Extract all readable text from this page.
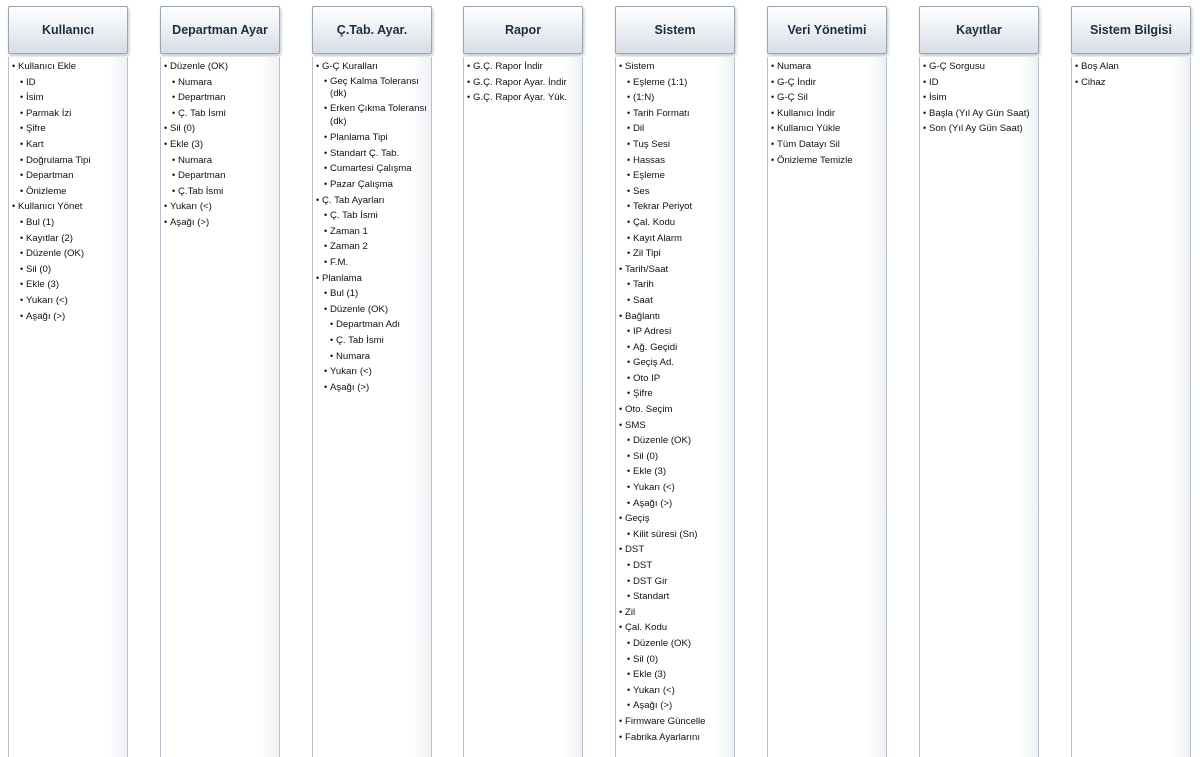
Kullanıcı
• Kullanıcı Ekle
• ID
• İsim
• Parmak İzi
• Şifre
• Kart
• Doğrulama Tipi
• Departman
• Önizleme
• Kullanıcı Yönet
• Bul (1)
• Kayıtlar (2)
• Düzenle (OK)
• Sil (0)
• Ekle (3)
• Yukarı (<)
• Aşağı (>)
Departman Ayar
• Düzenle (OK)
• Numara
• Departman
• Ç. Tab İsmi
• Sil (0)
• Ekle (3)
• Numara
• Departman
• Ç.Tab İsmi
• Yukarı (<)
• Aşağı (>)
Ç.Tab. Ayar.
• G-Ç Kuralları
• Geç Kalma Toleransı (dk)
• Erken Çıkma Toleransı (dk)
• Planlama Tipi
• Standart Ç. Tab.
• Cumartesi Çalışma
• Pazar Çalışma
• Ç. Tab Ayarları
• Ç. Tab İsmi
• Zaman 1
• Zaman 2
• F.M.
• Planlama
• Bul (1)
• Düzenle (OK)
• Departman Adı
• Ç. Tab İsmi
• Numara
• Yukarı (<)
• Aşağı (>)
Rapor
• G.Ç. Rapor İndir
• G.Ç. Rapor Ayar. İndir
• G.Ç. Rapor Ayar. Yük.
Sistem
• Sistem
• Eşleme (1:1)
• (1:N)
• Tarih Formatı
• Dil
• Tuş Sesi
• Hassas
• Eşleme
• Ses
• Tekrar Periyot
• Çal. Kodu
• Kayıt Alarm
• Zil Tipi
• Tarih/Saat
• Tarih
• Saat
• Bağlantı
• IP Adresi
• Ağ. Geçidi
• Geçiş Ad.
• Oto IP
• Şifre
• Oto. Seçim
• SMS
• Düzenle (OK)
• Sil (0)
• Ekle (3)
• Yukarı (<)
• Aşağı (>)
• Geçiş
• Kilit süresi (Sn)
• DST
• DST
• DST Gir
• Standart
• Zil
• Çal. Kodu
• Düzenle (OK)
• Sil (0)
• Ekle (3)
• Yukarı (<)
• Aşağı (>)
• Firmware Güncelle
• Fabrika Ayarlarını
Veri Yönetimi
• Numara
• G-Ç İndir
• G-Ç Sil
• Kullanıcı İndir
• Kullanıcı Yükle
• Tüm Datayı Sil
• Önizleme Temizle
Kayıtlar
• G-Ç Sorgusu
• ID
• İsim
• Başla (Yıl Ay Gün Saat)
• Son (Yıl Ay Gün Saat)
Sistem Bilgisi
• Boş Alan
• Cihaz
